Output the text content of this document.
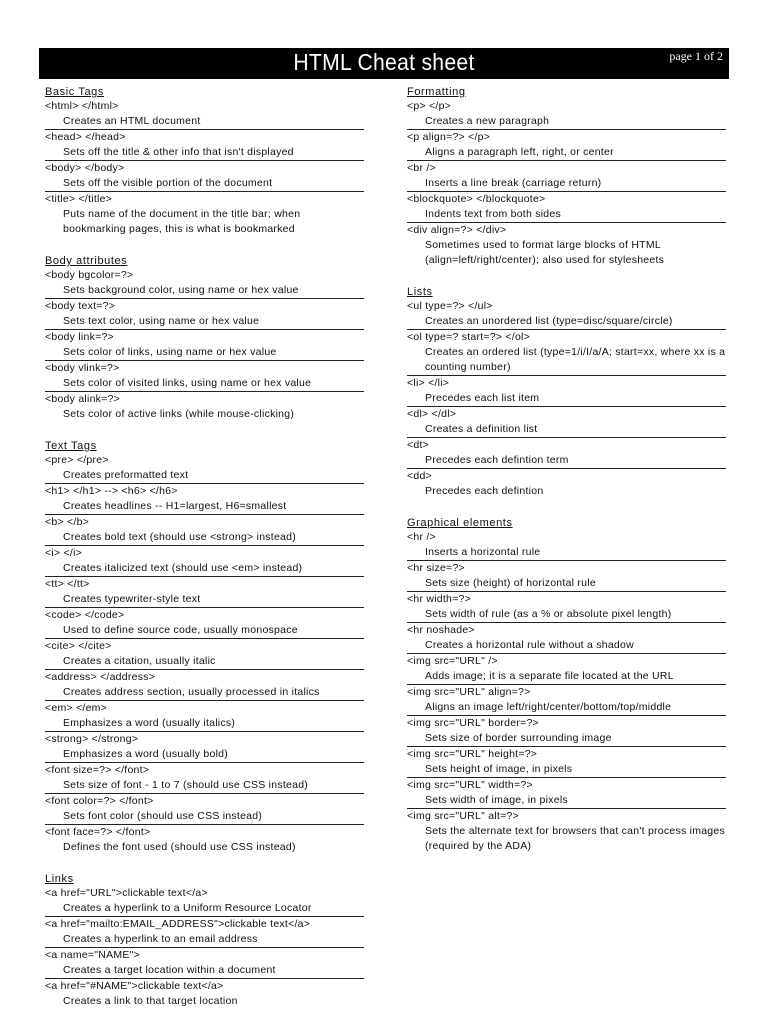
HTML Cheat sheet	page 1 of 2
Basic Tags
<html> </html>
Creates an HTML document
<head> </head>
Sets off the title & other info that isn't displayed
<body> </body>
Sets off the visible portion of the document
<title> </title>
Puts name of the document in the title bar; when bookmarking pages, this is what is bookmarked
Body attributes
<body bgcolor=?>
Sets background color, using name or hex value
<body text=?>
Sets text color, using name or hex value
<body link=?>
Sets color of links, using name or hex value
<body vlink=?>
Sets color of visited links, using name or hex value
<body alink=?>
Sets color of active links (while mouse-clicking)
Text Tags
<pre> </pre>
Creates preformatted text
<h1> </h1> --> <h6> </h6>
Creates headlines -- H1=largest, H6=smallest
<b> </b>
Creates bold text (should use <strong> instead)
<i> </i>
Creates italicized text (should use <em> instead)
<tt> </tt>
Creates typewriter-style text
<code> </code>
Used to define source code, usually monospace
<cite> </cite>
Creates a citation, usually italic
<address> </address>
Creates address section, usually processed in italics
<em> </em>
Emphasizes a word (usually italics)
<strong> </strong>
Emphasizes a word (usually bold)
<font size=?> </font>
Sets size of font - 1 to 7 (should use CSS instead)
<font color=?> </font>
Sets font color (should use CSS instead)
<font face=?> </font>
Defines the font used (should use CSS instead)
Links
<a href="URL">clickable text</a>
Creates a hyperlink to a Uniform Resource Locator
<a href="mailto:EMAIL_ADDRESS">clickable text</a>
Creates a hyperlink to an email address
<a name="NAME">
Creates a target location within a document
<a href="#NAME">clickable text</a>
Creates a link to that target location
Formatting
<p> </p>
Creates a new paragraph
<p align=?> </p>
Aligns a paragraph left, right, or center
<br />
Inserts a line break (carriage return)
<blockquote> </blockquote>
Indents text from both sides
<div align=?> </div>
Sometimes used to format large blocks of HTML (align=left/right/center); also used for stylesheets
Lists
<ul type=?> </ul>
Creates an unordered list (type=disc/square/circle)
<ol type=? start=?> </ol>
Creates an ordered list (type=1/i/I/a/A; start=xx, where xx is a counting number)
<li> </li>
Precedes each list item
<dl> </dl>
Creates a definition list
<dt>
Precedes each defintion term
<dd>
Precedes each defintion
Graphical elements
<hr />
Inserts a horizontal rule
<hr size=?>
Sets size (height) of horizontal rule
<hr width=?>
Sets width of rule (as a % or absolute pixel length)
<hr noshade>
Creates a horizontal rule without a shadow
<img src="URL" />
Adds image; it is a separate file located at the URL
<img src="URL" align=?>
Aligns an image left/right/center/bottom/top/middle
<img src="URL" border=?>
Sets size of border surrounding image
<img src="URL" height=?>
Sets height of image, in pixels
<img src="URL" width=?>
Sets width of image, in pixels
<img src="URL" alt=?>
Sets the alternate text for browsers that can't process images (required by the ADA)
